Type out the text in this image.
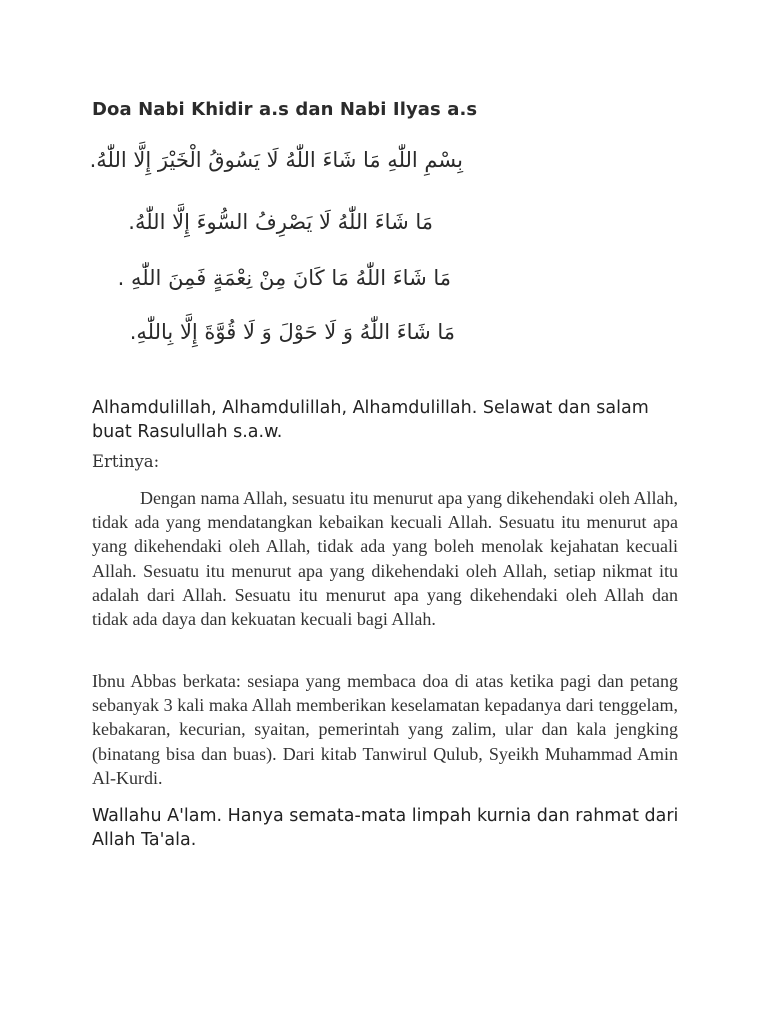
Doa Nabi Khidir a.s dan Nabi Ilyas a.s
بِسْمِ اللّٰهِ مَا شَاءَ اللّٰهُ لَا يَسُوقُ الْخَيْرَ إِلَّا اللّٰهُ.
مَا شَاءَ اللّٰهُ لَا يَصْرِفُ السُّوءَ إِلَّا اللّٰهُ.
مَا شَاءَ اللّٰهُ مَا كَانَ مِنْ نِعْمَةٍ فَمِنَ اللّٰهِ .
مَا شَاءَ اللّٰهُ وَ لَا حَوْلَ وَ لَا قُوَّةَ إِلَّا بِاللّٰهِ.
Alhamdulillah, Alhamdulillah, Alhamdulillah. Selawat dan salam buat Rasulullah s.a.w.
Ertinya:
Dengan nama Allah, sesuatu itu menurut apa yang dikehendaki oleh Allah, tidak ada yang mendatangkan kebaikan kecuali Allah. Sesuatu itu menurut apa yang dikehendaki oleh Allah, tidak ada yang boleh menolak kejahatan kecuali Allah. Sesuatu itu menurut apa yang dikehendaki oleh Allah, setiap nikmat itu adalah dari Allah. Sesuatu itu menurut apa yang dikehendaki oleh Allah dan tidak ada daya dan kekuatan kecuali bagi Allah.
Ibnu Abbas berkata: sesiapa yang membaca doa di atas ketika pagi dan petang sebanyak 3 kali maka Allah memberikan keselamatan kepadanya dari tenggelam, kebakaran, kecurian, syaitan, pemerintah yang zalim, ular dan kala jengking (binatang bisa dan buas). Dari kitab Tanwirul Qulub, Syeikh Muhammad Amin Al-Kurdi.
Wallahu A'lam. Hanya semata-mata limpah kurnia dan rahmat dari Allah Ta'ala.
